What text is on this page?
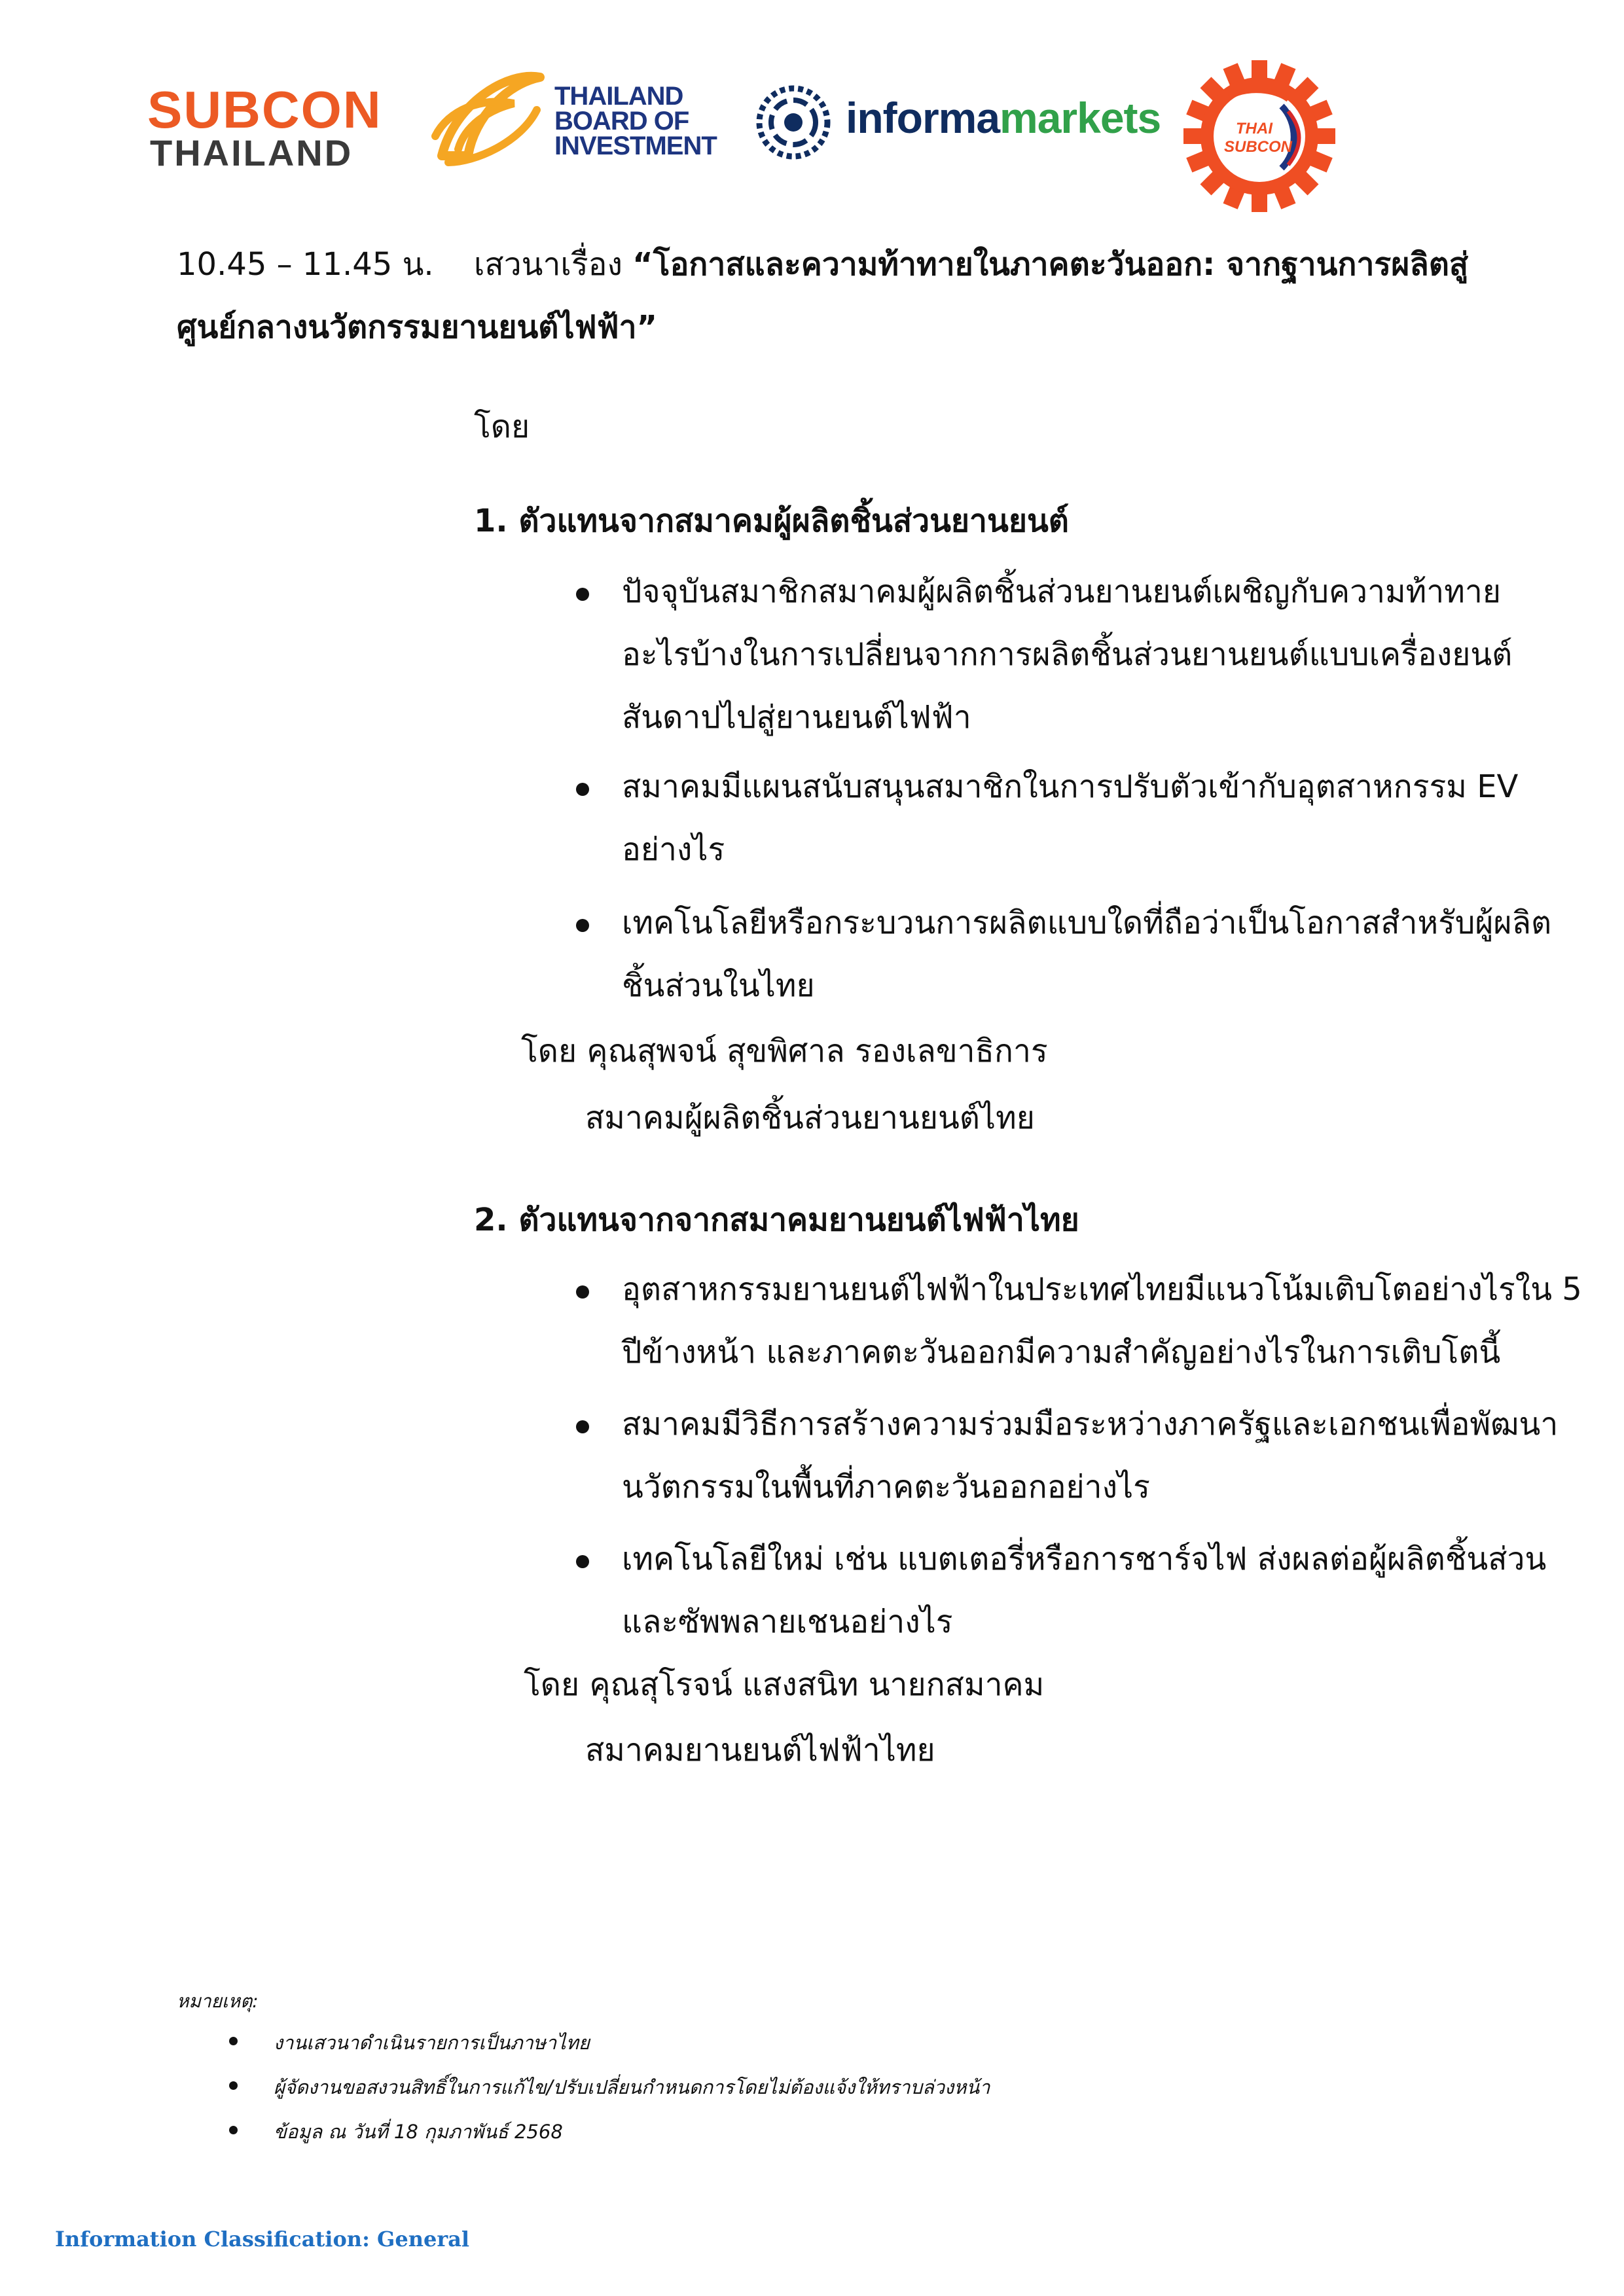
SUBCON
THAILAND
THAILAND
BOARD OF
INVESTMENT
informamarkets	THAI
SUBCON
10.45 – 11.45 น. เสวนาเรื่อง “โอกาสและความท้าทายในภาคตะวันออก: จากฐานการผลิตสู่
ศูนย์กลางนวัตกรรมยานยนต์ไฟฟ้า”
โดย
1. ตัวแทนจากสมาคมผู้ผลิตชิ้นส่วนยานยนต์
ปัจจุบันสมาชิกสมาคมผู้ผลิตชิ้นส่วนยานยนต์เผชิญกับความท้าทาย
อะไรบ้างในการเปลี่ยนจากการผลิตชิ้นส่วนยานยนต์แบบเครื่องยนต์
สันดาปไปสู่ยานยนต์ไฟฟ้า
สมาคมมีแผนสนับสนุนสมาชิกในการปรับตัวเข้ากับอุตสาหกรรม EV
อย่างไร
เทคโนโลยีหรือกระบวนการผลิตแบบใดที่ถือว่าเป็นโอกาสสำหรับผู้ผลิต
ชิ้นส่วนในไทย
โดย คุณสุพจน์ สุขพิศาล รองเลขาธิการ
สมาคมผู้ผลิตชิ้นส่วนยานยนต์ไทย
2. ตัวแทนจากจากสมาคมยานยนต์ไฟฟ้าไทย
อุตสาหกรรมยานยนต์ไฟฟ้าในประเทศไทยมีแนวโน้มเติบโตอย่างไรใน 5
ปีข้างหน้า และภาคตะวันออกมีความสำคัญอย่างไรในการเติบโตนี้
สมาคมมีวิธีการสร้างความร่วมมือระหว่างภาครัฐและเอกชนเพื่อพัฒนา
นวัตกรรมในพื้นที่ภาคตะวันออกอย่างไร
เทคโนโลยีใหม่ เช่น แบตเตอรี่หรือการชาร์จไฟ ส่งผลต่อผู้ผลิตชิ้นส่วน
และซัพพลายเชนอย่างไร
โดย คุณสุโรจน์ แสงสนิท นายกสมาคม
สมาคมยานยนต์ไฟฟ้าไทย
หมายเหตุ:
งานเสวนาดำเนินรายการเป็นภาษาไทย
ผู้จัดงานขอสงวนสิทธิ์ในการแก้ไข/ปรับเปลี่ยนกำหนดการโดยไม่ต้องแจ้งให้ทราบล่วงหน้า
ข้อมูล ณ วันที่ 18 กุมภาพันธ์ 2568
Information Classification: General
